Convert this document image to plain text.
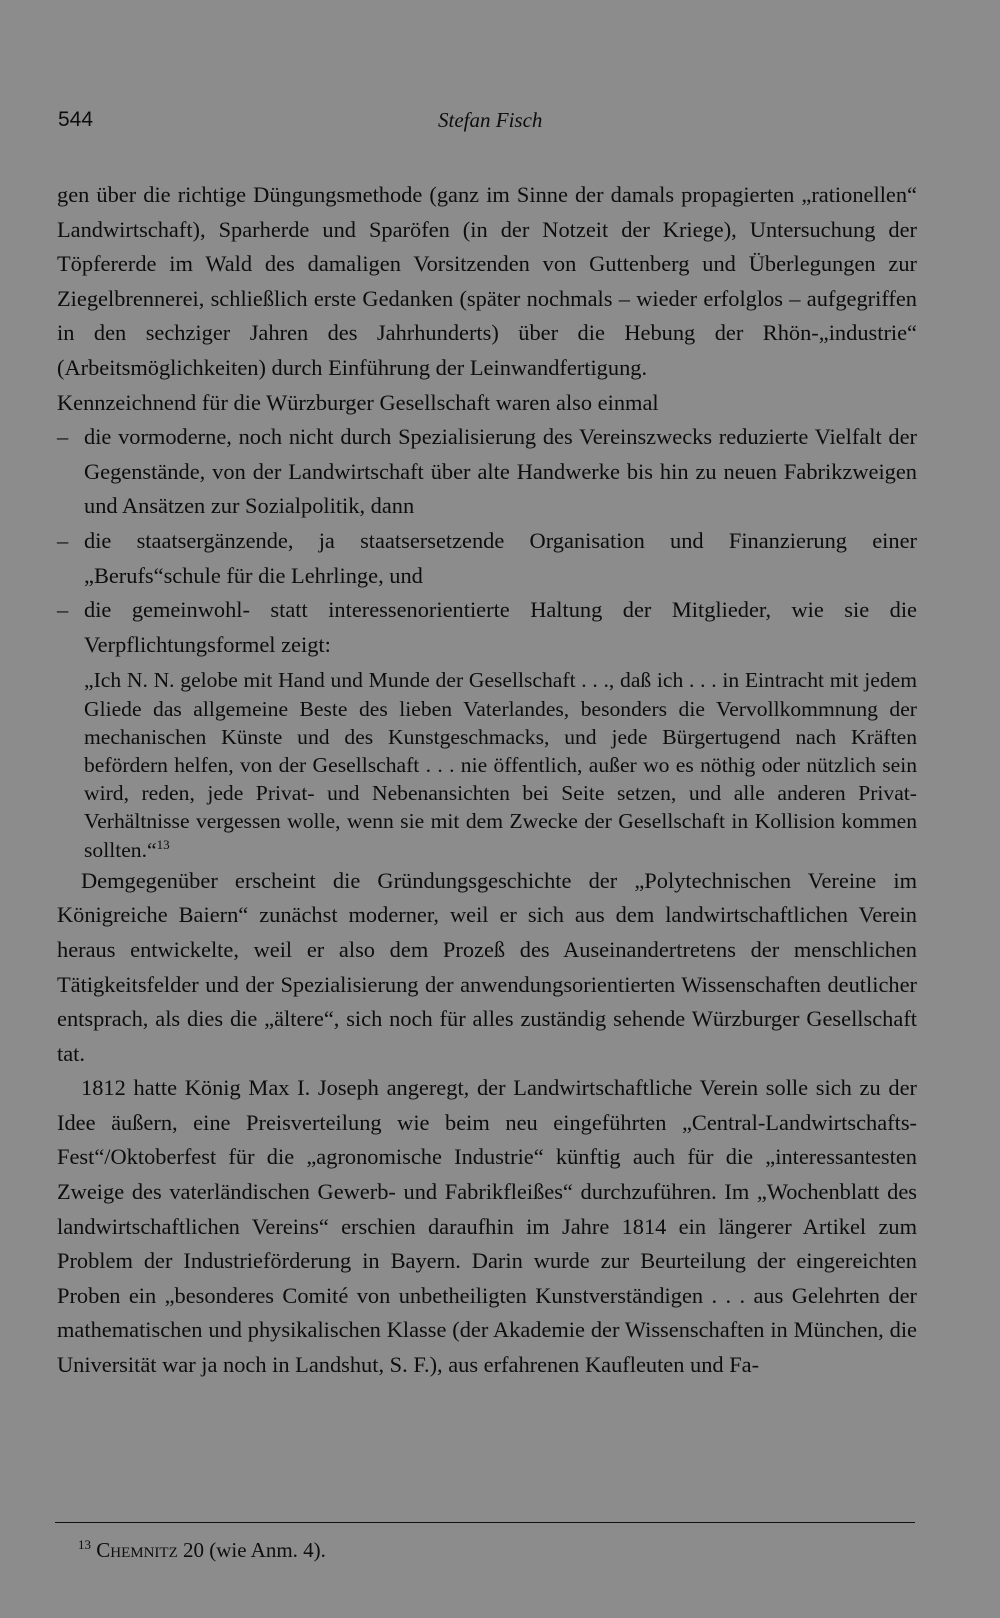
544	Stefan Fisch

gen über die richtige Düngungsmethode (ganz im Sinne der damals propagierten „rationellen“ Landwirtschaft), Sparherde und Sparöfen (in der Notzeit der Kriege), Untersuchung der Töpfererde im Wald des damaligen Vorsitzenden von Guttenberg und Überlegungen zur Ziegelbrennerei, schließlich erste Gedanken (später nochmals – wieder erfolglos – aufgegriffen in den sechziger Jahren des Jahrhunderts) über die Hebung der Rhön-„industrie“ (Arbeitsmöglichkeiten) durch Einführung der Leinwandfertigung.

Kennzeichnend für die Würzburger Gesellschaft waren also einmal

– die vormoderne, noch nicht durch Spezialisierung des Vereinszwecks reduzierte Vielfalt der Gegenstände, von der Landwirtschaft über alte Handwerke bis hin zu neuen Fabrikzweigen und Ansätzen zur Sozialpolitik, dann
– die staatsergänzende, ja staatsersetzende Organisation und Finanzierung einer „Berufs“schule für die Lehrlinge, und
– die gemeinwohl- statt interessenorientierte Haltung der Mitglieder, wie sie die Verpflichtungsformel zeigt:

„Ich N. N. gelobe mit Hand und Munde der Gesellschaft . . ., daß ich . . . in Eintracht mit jedem Gliede das allgemeine Beste des lieben Vaterlandes, besonders die Vervollkommnung der mechanischen Künste und des Kunstgeschmacks, und jede Bürgertugend nach Kräften befördern helfen, von der Gesellschaft . . . nie öffentlich, außer wo es nöthig oder nützlich sein wird, reden, jede Privat- und Nebenansichten bei Seite setzen, und alle anderen Privat-Verhältnisse vergessen wolle, wenn sie mit dem Zwecke der Gesellschaft in Kollision kommen sollten.“$^{13}$

Demgegenüber erscheint die Gründungsgeschichte der „Polytechnischen Vereine im Königreiche Baiern“ zunächst moderner, weil er sich aus dem landwirtschaftlichen Verein heraus entwickelte, weil er also dem Prozeß des Auseinandertretens der menschlichen Tätigkeitsfelder und der Spezialisierung der anwendungsorientierten Wissenschaften deutlicher entsprach, als dies die „ältere“, sich noch für alles zuständig sehende Würzburger Gesellschaft tat.

1812 hatte König Max I. Joseph angeregt, der Landwirtschaftliche Verein solle sich zu der Idee äußern, eine Preisverteilung wie beim neu eingeführten „Central-Landwirtschafts-Fest“/Oktoberfest für die „agronomische Industrie“ künftig auch für die „interessantesten Zweige des vaterländischen Gewerb- und Fabrikfleißes“ durchzuführen. Im „Wochenblatt des landwirtschaftlichen Vereins“ erschien daraufhin im Jahre 1814 ein längerer Artikel zum Problem der Industrieförderung in Bayern. Darin wurde zur Beurteilung der eingereichten Proben ein „besonderes Comité von unbetheiligten Kunstverständigen . . . aus Gelehrten der mathematischen und physikalischen Klasse (der Akademie der Wissenschaften in München, die Universität war ja noch in Landshut, S. F.), aus erfahrenen Kaufleuten und Fa-

$^{13}$ Chemnitz 20 (wie Anm. 4).
